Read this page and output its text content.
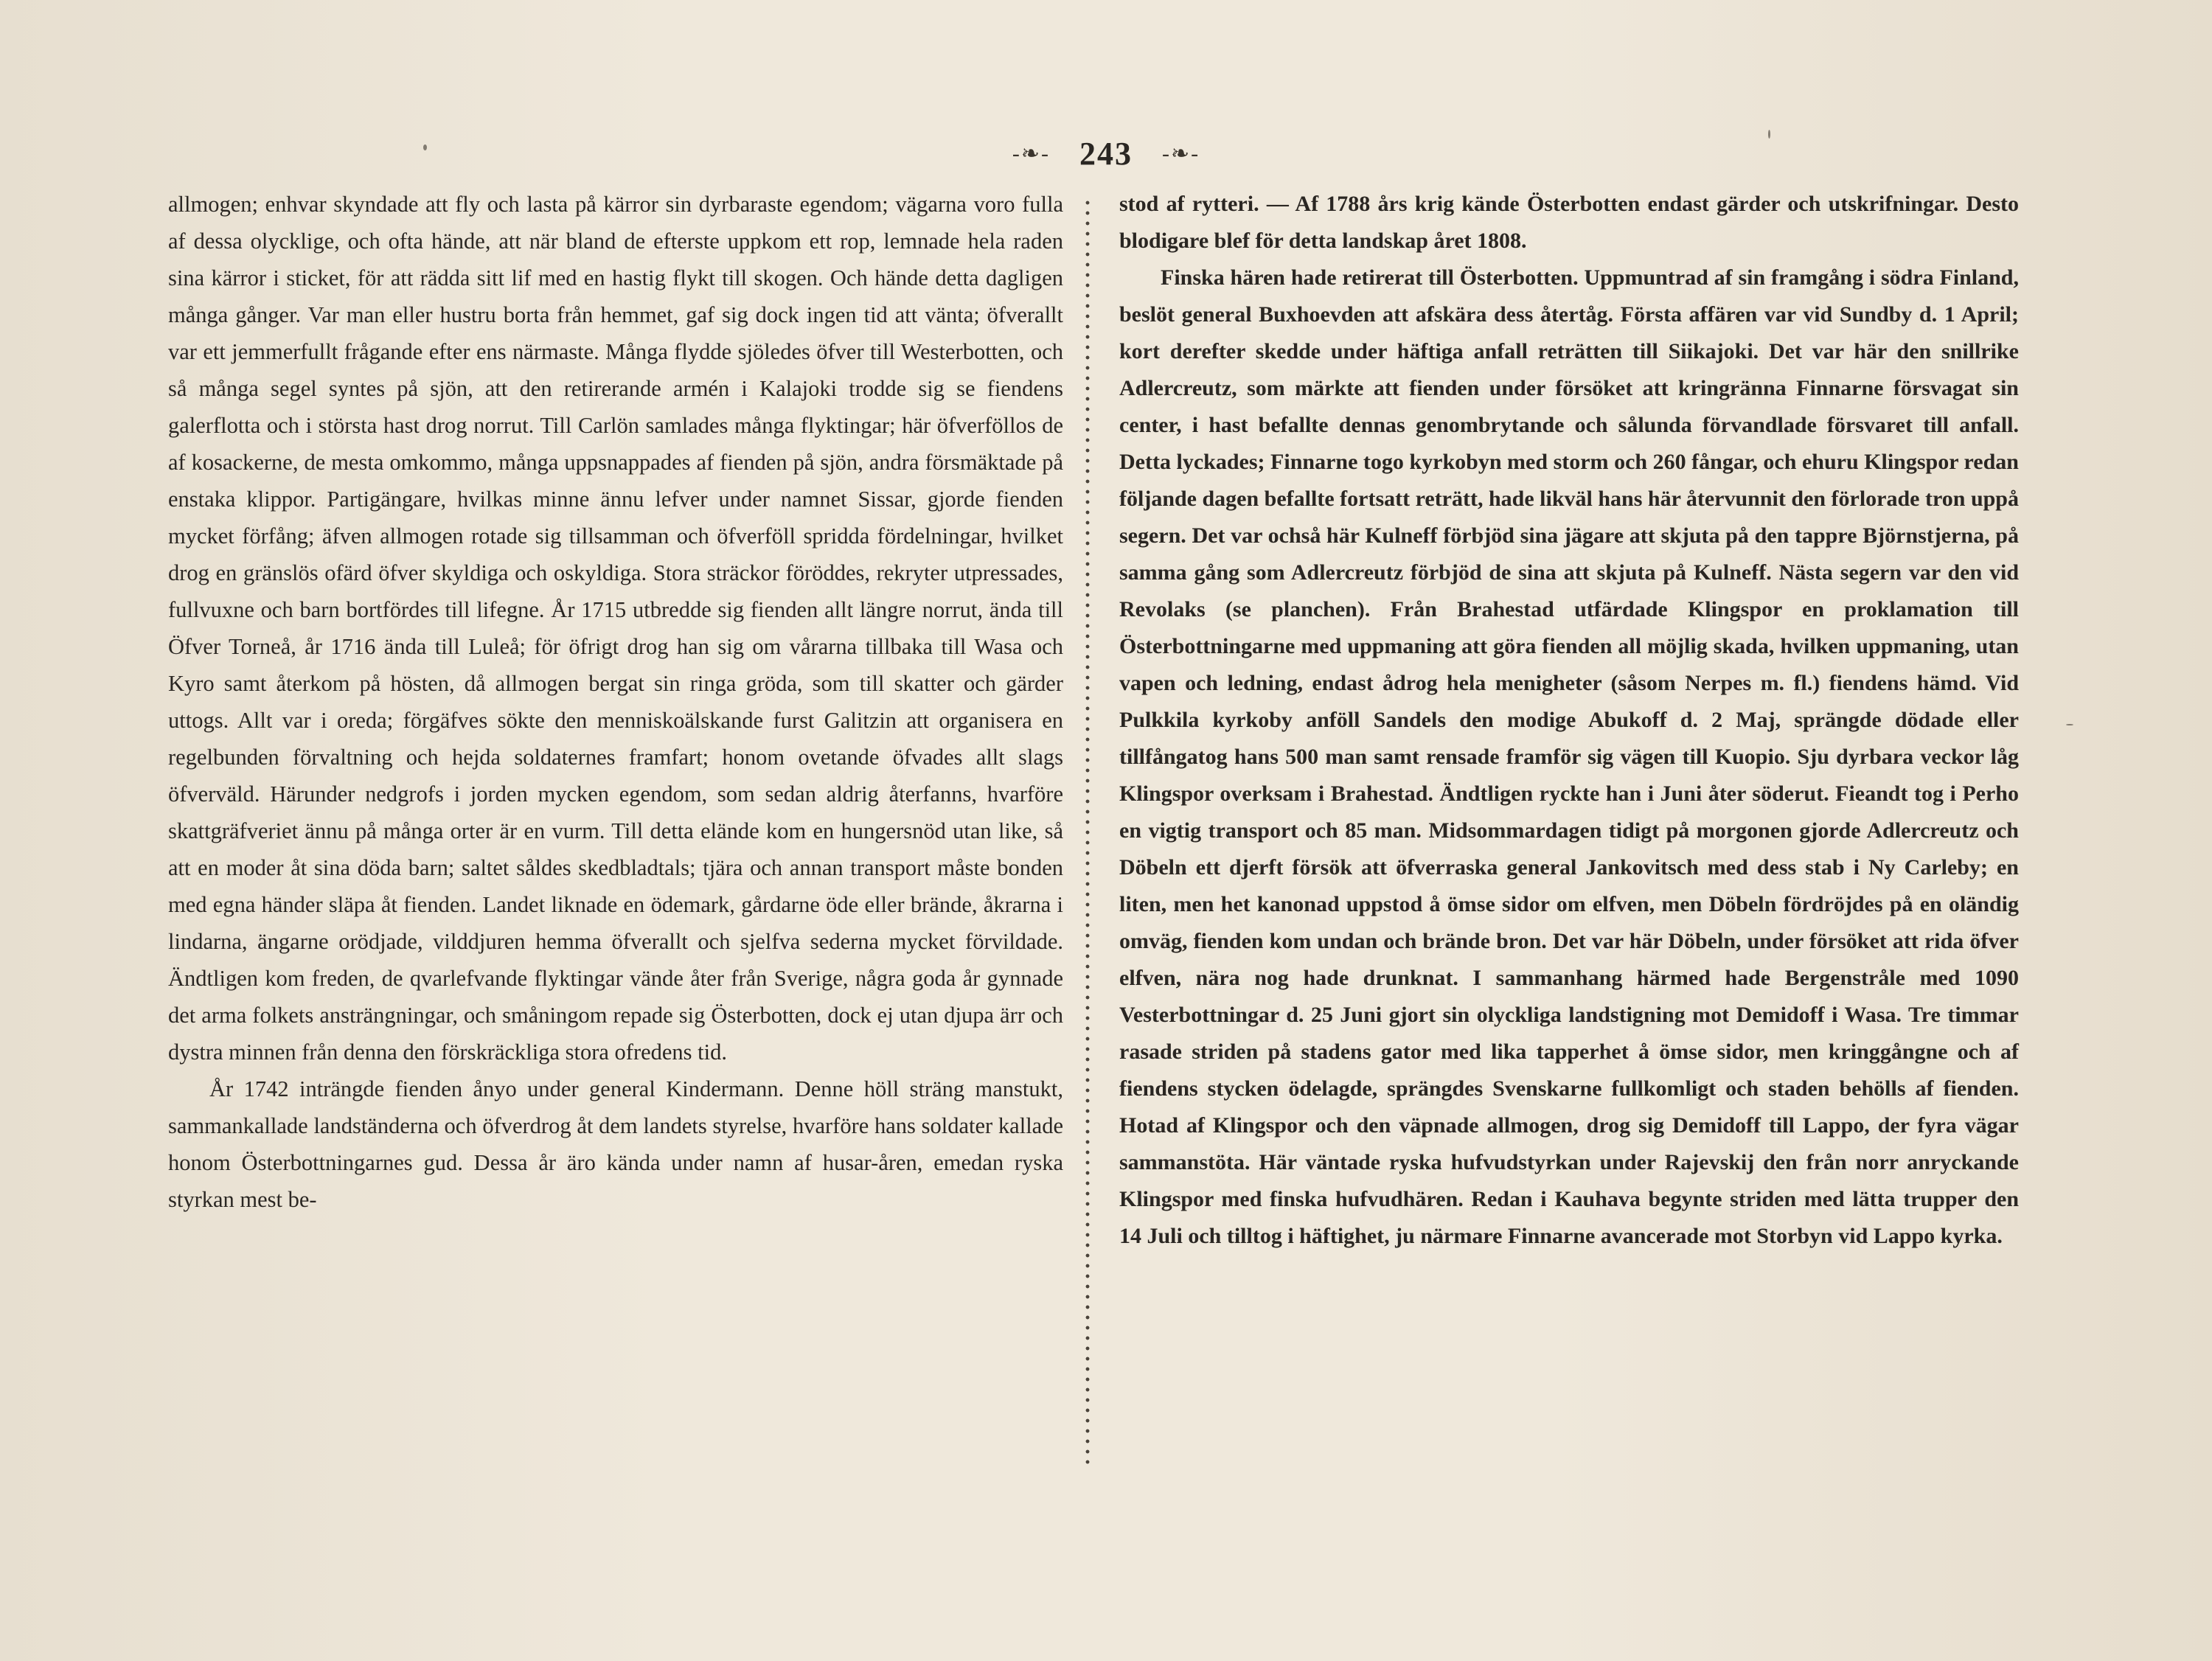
-❧- 243 -❧-

allmogen; enhvar skyndade att fly och lasta på kärror sin dyrbaraste egendom; vägarna voro fulla af dessa olycklige, och ofta hände, att när bland de efterste uppkom ett rop, lemnade hela raden sina kärror i sticket, för att rädda sitt lif med en hastig flykt till skogen. Och hände detta dagligen många gånger. Var man eller hustru borta från hemmet, gaf sig dock ingen tid att vänta; öfverallt var ett jemmerfullt frågande efter ens närmaste. Många flydde sjöledes öfver till Westerbotten, och så många segel syntes på sjön, att den retirerande armén i Kalajoki trodde sig se fiendens galerflotta och i största hast drog norrut. Till Carlön samlades många flyktingar; här öfverföllos de af kosackerne, de mesta omkommo, många uppsnappades af fienden på sjön, andra försmäktade på enstaka klippor. Partigängare, hvilkas minne ännu lefver under namnet Sissar, gjorde fienden mycket förfång; äfven allmogen rotade sig tillsamman och öfverföll spridda fördelningar, hvilket drog en gränslös ofärd öfver skyldiga och oskyldiga. Stora sträckor föröddes, rekryter utpressades, fullvuxne och barn bortfördes till lifegne. År 1715 utbredde sig fienden allt längre norrut, ända till Öfver Torneå, år 1716 ända till Luleå; för öfrigt drog han sig om vårarna tillbaka till Wasa och Kyro samt återkom på hösten, då allmogen bergat sin ringa gröda, som till skatter och gärder uttogs. Allt var i oreda; förgäfves sökte den menniskoälskande furst Galitzin att organisera en regelbunden förvaltning och hejda soldaternes framfart; honom ovetande öfvades allt slags öfverväld. Härunder nedgrofs i jorden mycken egendom, som sedan aldrig återfanns, hvarföre skattgräfveriet ännu på många orter är en vurm. Till detta elände kom en hungersnöd utan like, så att en moder åt sina döda barn; saltet såldes skedbladtals; tjära och annan transport måste bonden med egna händer släpa åt fienden. Landet liknade en ödemark, gårdarne öde eller brände, åkrarna i lindarna, ängarne orödjade, vilddjuren hemma öfverallt och sjelfva sederna mycket förvildade. Ändtligen kom freden, de qvarlefvande flyktingar vände åter från Sverige, några goda år gynnade det arma folkets ansträngningar, och småningom repade sig Österbotten, dock ej utan djupa ärr och dystra minnen från denna den förskräckliga stora ofredens tid.

År 1742 inträngde fienden ånyo under general Kindermann. Denne höll sträng manstukt, sammankallade landständerna och öfverdrog åt dem landets styrelse, hvarföre hans soldater kallade honom Österbottningarnes gud. Dessa år äro kända under namn af husar-åren, emedan ryska styrkan mest be-

stod af rytteri. — Af 1788 års krig kände Österbotten endast gärder och utskrifningar. Desto blodigare blef för detta landskap året 1808.

Finska hären hade retirerat till Österbotten. Uppmuntrad af sin framgång i södra Finland, beslöt general Buxhoevden att afskära dess återtåg. Första affären var vid Sundby d. 1 April; kort derefter skedde under häftiga anfall reträtten till Siikajoki. Det var här den snillrike Adlercreutz, som märkte att fienden under försöket att kringränna Finnarne försvagat sin center, i hast befallte dennas genombrytande och sålunda förvandlade försvaret till anfall. Detta lyckades; Finnarne togo kyrkobyn med storm och 260 fångar, och ehuru Klingspor redan följande dagen befallte fortsatt reträtt, hade likväl hans här återvunnit den förlorade tron uppå segern. Det var ochså här Kulneff förbjöd sina jägare att skjuta på den tappre Björnstjerna, på samma gång som Adlercreutz förbjöd de sina att skjuta på Kulneff. Nästa segern var den vid Revolaks (se planchen). Från Brahestad utfärdade Klingspor en proklamation till Österbottningarne med uppmaning att göra fienden all möjlig skada, hvilken uppmaning, utan vapen och ledning, endast ådrog hela menigheter (såsom Nerpes m. fl.) fiendens hämd. Vid Pulkkila kyrkoby anföll Sandels den modige Abukoff d. 2 Maj, sprängde dödade eller tillfångatog hans 500 man samt rensade framför sig vägen till Kuopio. Sju dyrbara veckor låg Klingspor overksam i Brahestad. Ändtligen ryckte han i Juni åter söderut. Fieandt tog i Perho en vigtig transport och 85 man. Midsommardagen tidigt på morgonen gjorde Adlercreutz och Döbeln ett djerft försök att öfverraska general Jankovitsch med dess stab i Ny Carleby; en liten, men het kanonad uppstod å ömse sidor om elfven, men Döbeln fördröjdes på en oländig omväg, fienden kom undan och brände bron. Det var här Döbeln, under försöket att rida öfver elfven, nära nog hade drunknat. I sammanhang härmed hade Bergenstråle med 1090 Vesterbottningar d. 25 Juni gjort sin olyckliga landstigning mot Demidoff i Wasa. Tre timmar rasade striden på stadens gator med lika tapperhet å ömse sidor, men kringgångne och af fiendens stycken ödelagde, sprängdes Svenskarne fullkomligt och staden behölls af fienden. Hotad af Klingspor och den väpnade allmogen, drog sig Demidoff till Lappo, der fyra vägar sammanstöta. Här väntade ryska hufvudstyrkan under Rajevskij den från norr anryckande Klingspor med finska hufvudhären. Redan i Kauhava begynte striden med lätta trupper den 14 Juli och tilltog i häftighet, ju närmare Finnarne avancerade mot Storbyn vid Lappo kyrka.
